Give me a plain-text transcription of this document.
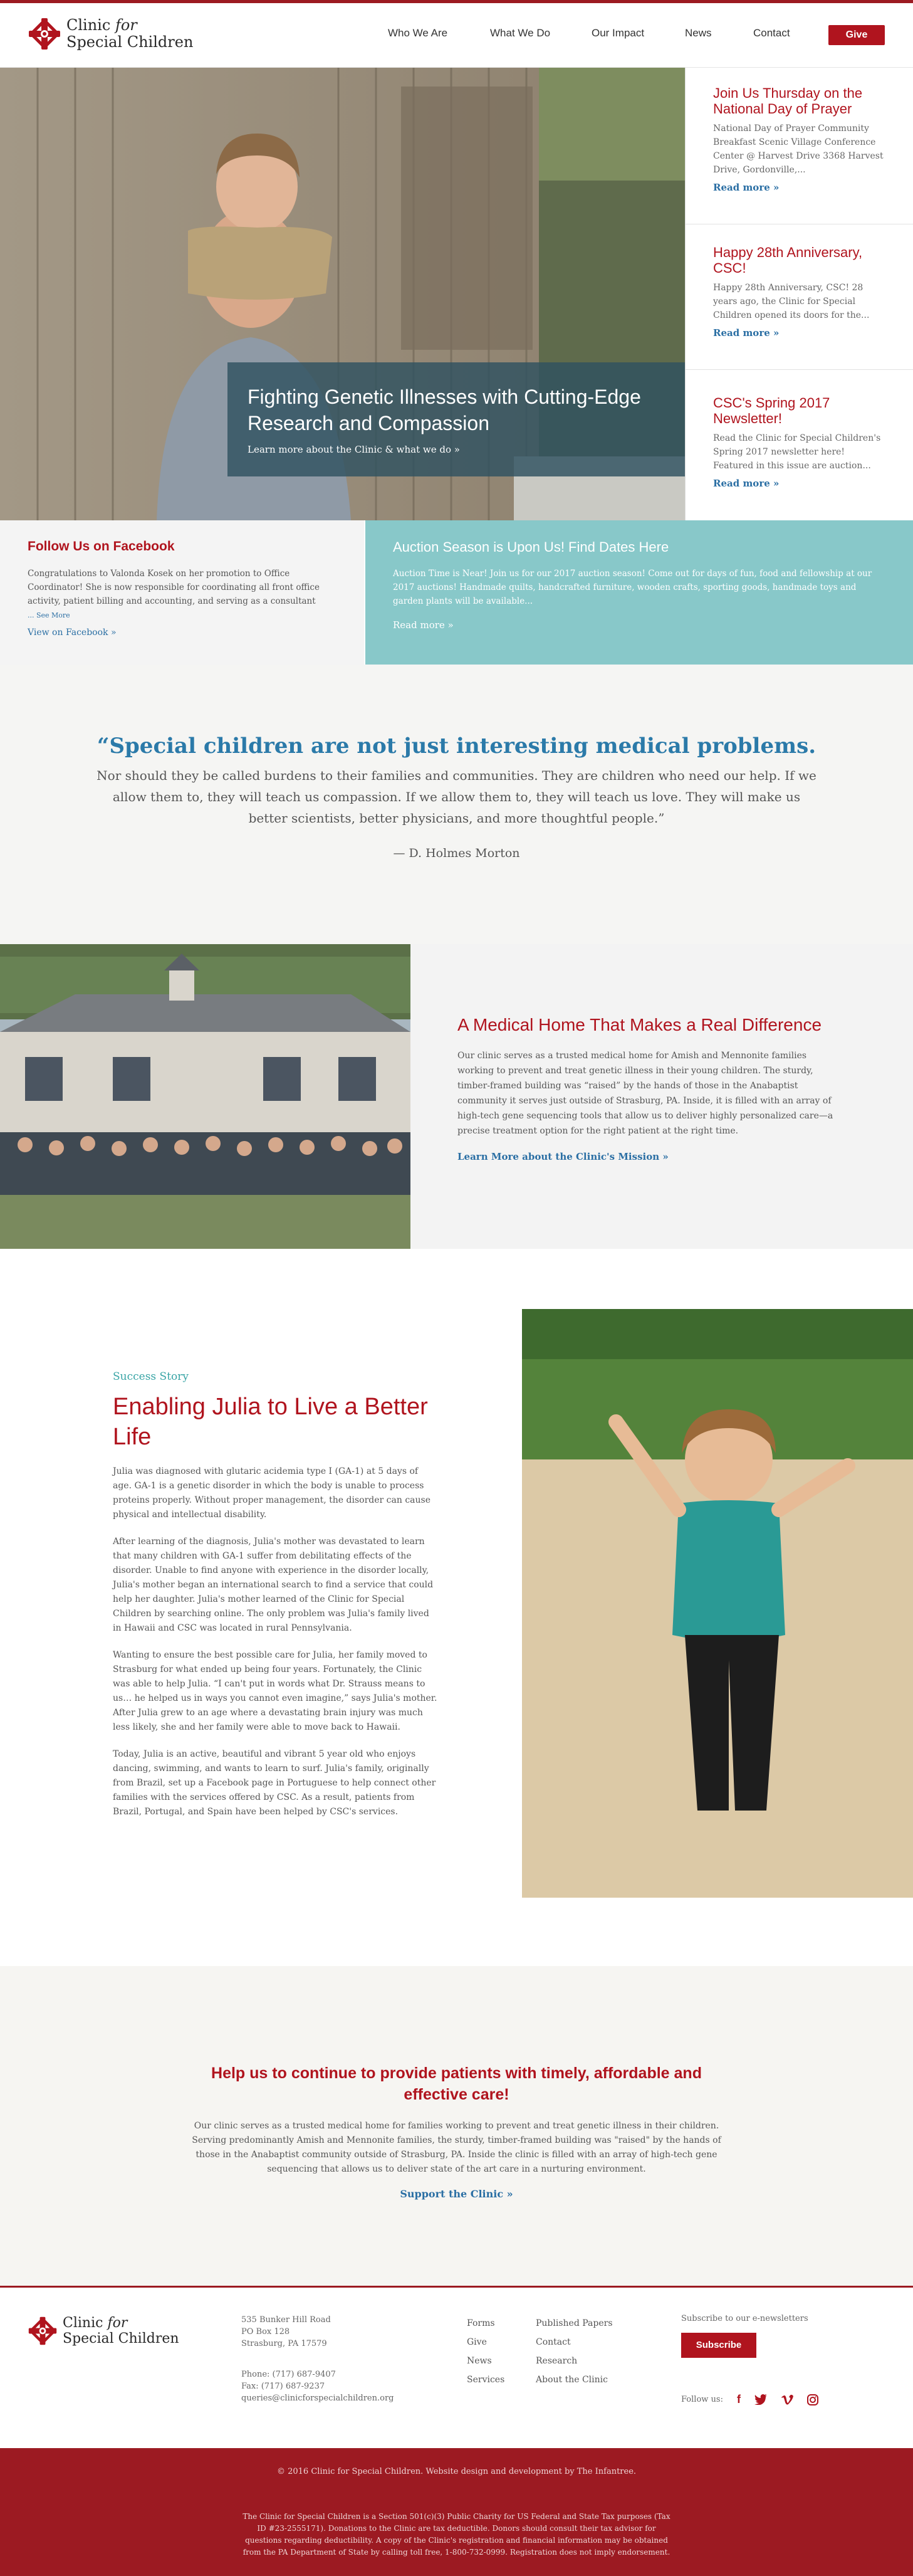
Clinic for
Special Children
Who We Are	What We Do	Our Impact	News	Contact	Give
Fighting Genetic Illnesses with Cutting-Edge Research and Compassion

Learn more about the Clinic & what we do »

Join Us Thursday on the National Day of Prayer

National Day of Prayer Community Breakfast Scenic Village Conference Center @ Harvest Drive 3368 Harvest Drive, Gordonville,...

Read more »
Happy 28th Anniversary, CSC!

Happy 28th Anniversary, CSC! 28 years ago, the Clinic for Special Children opened its doors for the...

Read more »
CSC's Spring 2017 Newsletter!

Read the Clinic for Special Children's Spring 2017 newsletter here! Featured in this issue are auction...

Read more »
Follow Us on Facebook

Congratulations to Valonda Kosek on her promotion to Office Coordinator! She is now responsible for coordinating all front office activity, patient billing and accounting, and serving as a consultant
... See More

View on Facebook »
Auction Season is Upon Us! Find Dates Here

Auction Time is Near! Join us for our 2017 auction season! Come out for days of fun, food and fellowship at our 2017 auctions! Handmade quilts, handcrafted furniture, wooden crafts, sporting goods, handmade toys and garden plants will be available...

Read more »
“Special children are not just interesting medical problems.
Nor should they be called burdens to their families and communities. They are children who need our help. If we allow them to, they will teach us compassion. If we allow them to, they will teach us love. They will make us better scientists, better physicians, and more thoughtful people.”
— D. Holmes Morton
A Medical Home That Makes a Real Difference

Our clinic serves as a trusted medical home for Amish and Mennonite families working to prevent and treat genetic illness in their young children. The sturdy, timber-framed building was “raised” by the hands of those in the Anabaptist community it serves just outside of Strasburg, PA. Inside, it is filled with an array of high-tech gene sequencing tools that allow us to deliver highly personalized care—a precise treatment option for the right patient at the right time.

Learn More about the Clinic's Mission »
Success Story
Enabling Julia to Live a Better Life

Julia was diagnosed with glutaric acidemia type I (GA-1) at 5 days of age. GA-1 is a genetic disorder in which the body is unable to process proteins properly. Without proper management, the disorder can cause physical and intellectual disability.

After learning of the diagnosis, Julia's mother was devastated to learn that many children with GA-1 suffer from debilitating effects of the disorder. Unable to find anyone with experience in the disorder locally, Julia's mother began an international search to find a service that could help her daughter. Julia's mother learned of the Clinic for Special Children by searching online. The only problem was Julia's family lived in Hawaii and CSC was located in rural Pennsylvania.

Wanting to ensure the best possible care for Julia, her family moved to Strasburg for what ended up being four years. Fortunately, the Clinic was able to help Julia. “I can't put in words what Dr. Strauss means to us… he helped us in ways you cannot even imagine,” says Julia's mother. After Julia grew to an age where a devastating brain injury was much less likely, she and her family were able to move back to Hawaii.

Today, Julia is an active, beautiful and vibrant 5 year old who enjoys dancing, swimming, and wants to learn to surf. Julia's family, originally from Brazil, set up a Facebook page in Portuguese to help connect other families with the services offered by CSC. As a result, patients from Brazil, Portugal, and Spain have been helped by CSC's services.

Help us to continue to provide patients with timely, affordable and effective care!

Our clinic serves as a trusted medical home for families working to prevent and treat genetic illness in their children. Serving predominantly Amish and Mennonite families, the sturdy, timber-framed building was "raised" by the hands of those in the Anabaptist community outside of Strasburg, PA. Inside the clinic is filled with an array of high-tech gene sequencing that allows us to deliver state of the art care in a nurturing environment.

Support the Clinic »
Clinic for
Special Children
535 Bunker Hill Road
PO Box 128
Strasburg, PA 17579
Phone: (717) 687-9407
Fax: (717) 687-9237
queries@clinicforspecialchildren.org
Forms
Give
News
Services
Published Papers
Contact
Research
About the Clinic
Subscribe to our e-newsletters
Subscribe
Follow us: f
© 2016 Clinic for Special Children. Website design and development by The Infantree.
The Clinic for Special Children is a Section 501(c)(3) Public Charity for US Federal and State Tax purposes (Tax ID #23-2555171). Donations to the Clinic are tax deductible. Donors should consult their tax advisor for questions regarding deductibility. A copy of the Clinic's registration and financial information may be obtained from the PA Department of State by calling toll free, 1-800-732-0999. Registration does not imply endorsement.
